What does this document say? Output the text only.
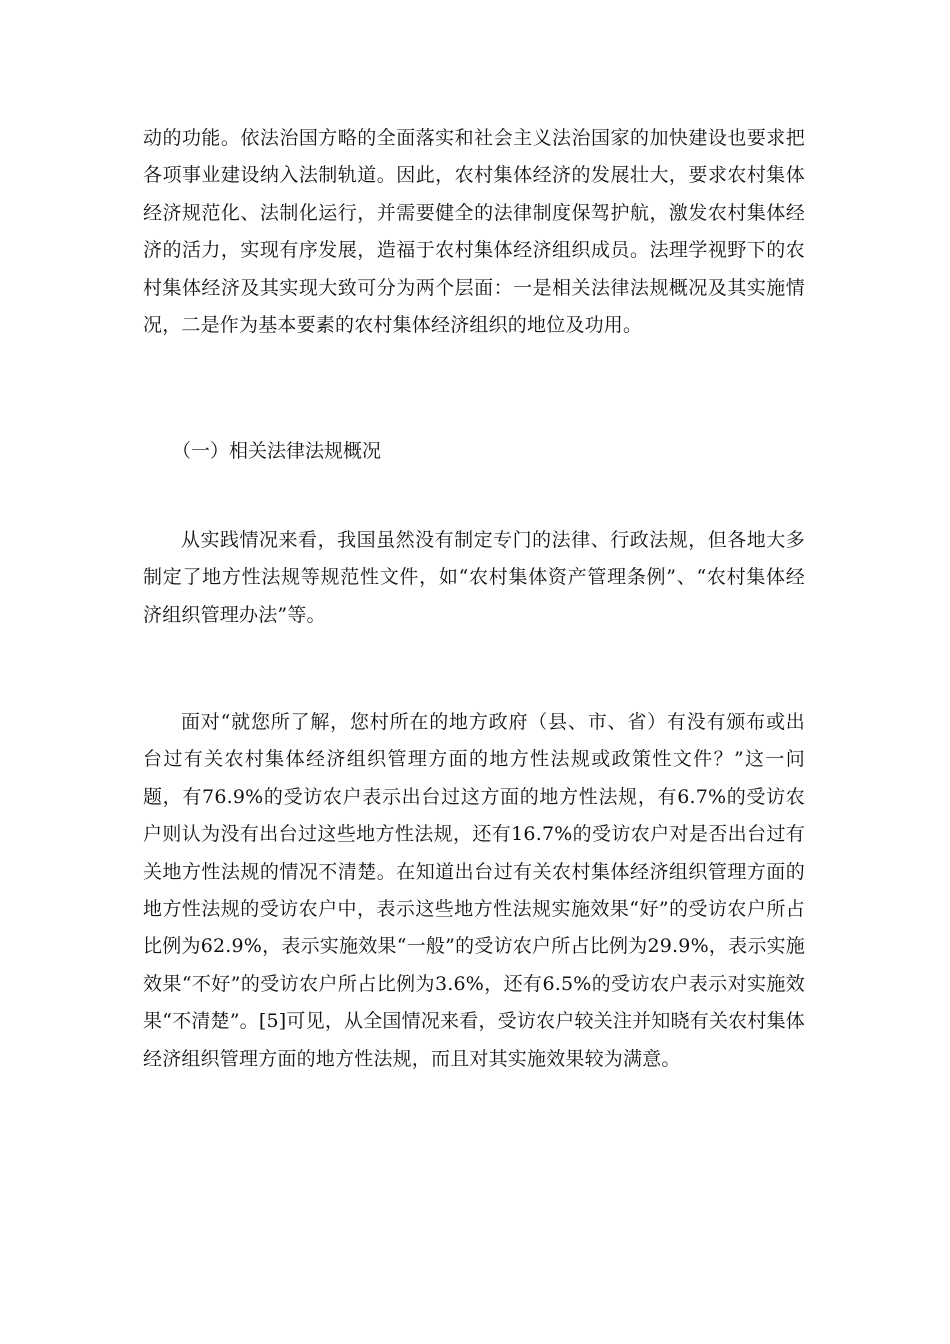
动的功能。依法治国方略的全面落实和社会主义法治国家的加快建设也要求把各项事业建设纳入法制轨道。因此，农村集体经济的发展壮大，要求农村集体经济规范化、法制化运行，并需要健全的法律制度保驾护航，激发农村集体经济的活力，实现有序发展，造福于农村集体经济组织成员。法理学视野下的农村集体经济及其实现大致可分为两个层面：一是相关法律法规概况及其实施情况，二是作为基本要素的农村集体经济组织的地位及功用。

（一）相关法律法规概况

从实践情况来看，我国虽然没有制定专门的法律、行政法规，但各地大多制定了地方性法规等规范性文件，如“农村集体资产管理条例”、“农村集体经济组织管理办法”等。

面对“就您所了解，您村所在的地方政府（县、市、省）有没有颁布或出台过有关农村集体经济组织管理方面的地方性法规或政策性文件？”这一问题，有76.9%的受访农户表示出台过这方面的地方性法规，有6.7%的受访农户则认为没有出台过这些地方性法规，还有16.7%的受访农户对是否出台过有关地方性法规的情况不清楚。在知道出台过有关农村集体经济组织管理方面的地方性法规的受访农户中，表示这些地方性法规实施效果“好”的受访农户所占比例为62.9%，表示实施效果“一般”的受访农户所占比例为29.9%，表示实施效果“不好”的受访农户所占比例为3.6%，还有6.5%的受访农户表示对实施效果“不清楚”。[5]可见，从全国情况来看，受访农户较关注并知晓有关农村集体经济组织管理方面的地方性法规，而且对其实施效果较为满意。
